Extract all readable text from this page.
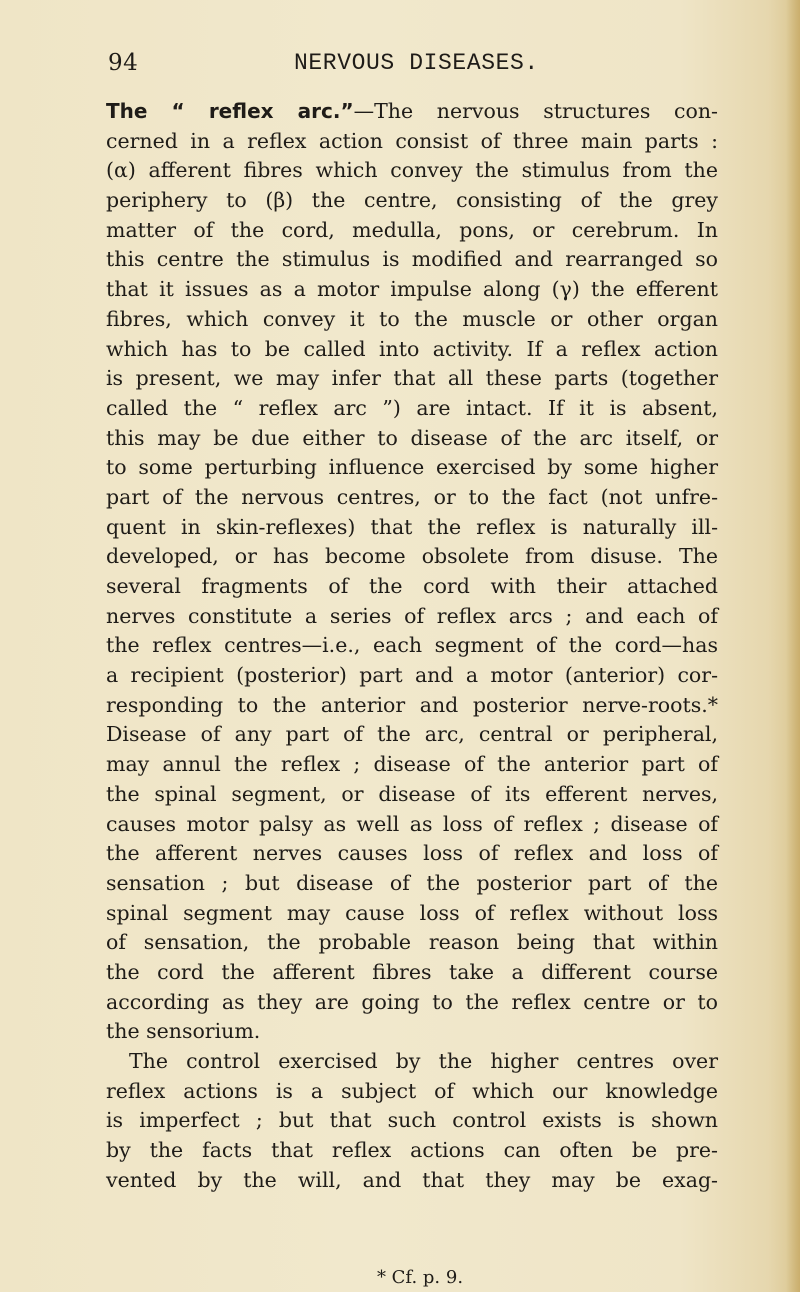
94	NERVOUS DISEASES.
The “ reflex arc.”—The nervous structures con-
cerned in a reflex action consist of three main parts :
(α) afferent fibres which convey the stimulus from the
periphery to (β) the centre, consisting of the grey
matter of the cord, medulla, pons, or cerebrum. In
this centre the stimulus is modified and rearranged so
that it issues as a motor impulse along (γ) the efferent
fibres, which convey it to the muscle or other organ
which has to be called into activity. If a reflex action
is present, we may infer that all these parts (together
called the “ reflex arc ”) are intact. If it is absent,
this may be due either to disease of the arc itself, or
to some perturbing influence exercised by some higher
part of the nervous centres, or to the fact (not unfre-
quent in skin-reflexes) that the reflex is naturally ill-
developed, or has become obsolete from disuse. The
several fragments of the cord with their attached
nerves constitute a series of reflex arcs ; and each of
the reflex centres—i.e., each segment of the cord—has
a recipient (posterior) part and a motor (anterior) cor-
responding to the anterior and posterior nerve-roots.*
Disease of any part of the arc, central or peripheral,
may annul the reflex ; disease of the anterior part of
the spinal segment, or disease of its efferent nerves,
causes motor palsy as well as loss of reflex ; disease of
the afferent nerves causes loss of reflex and loss of
sensation ; but disease of the posterior part of the
spinal segment may cause loss of reflex without loss
of sensation, the probable reason being that within
the cord the afferent fibres take a different course
according as they are going to the reflex centre or to
the sensorium.
The control exercised by the higher centres over
reflex actions is a subject of which our knowledge
is imperfect ; but that such control exists is shown
by the facts that reflex actions can often be pre-
vented by the will, and that they may be exag-
* Cf. p. 9.
